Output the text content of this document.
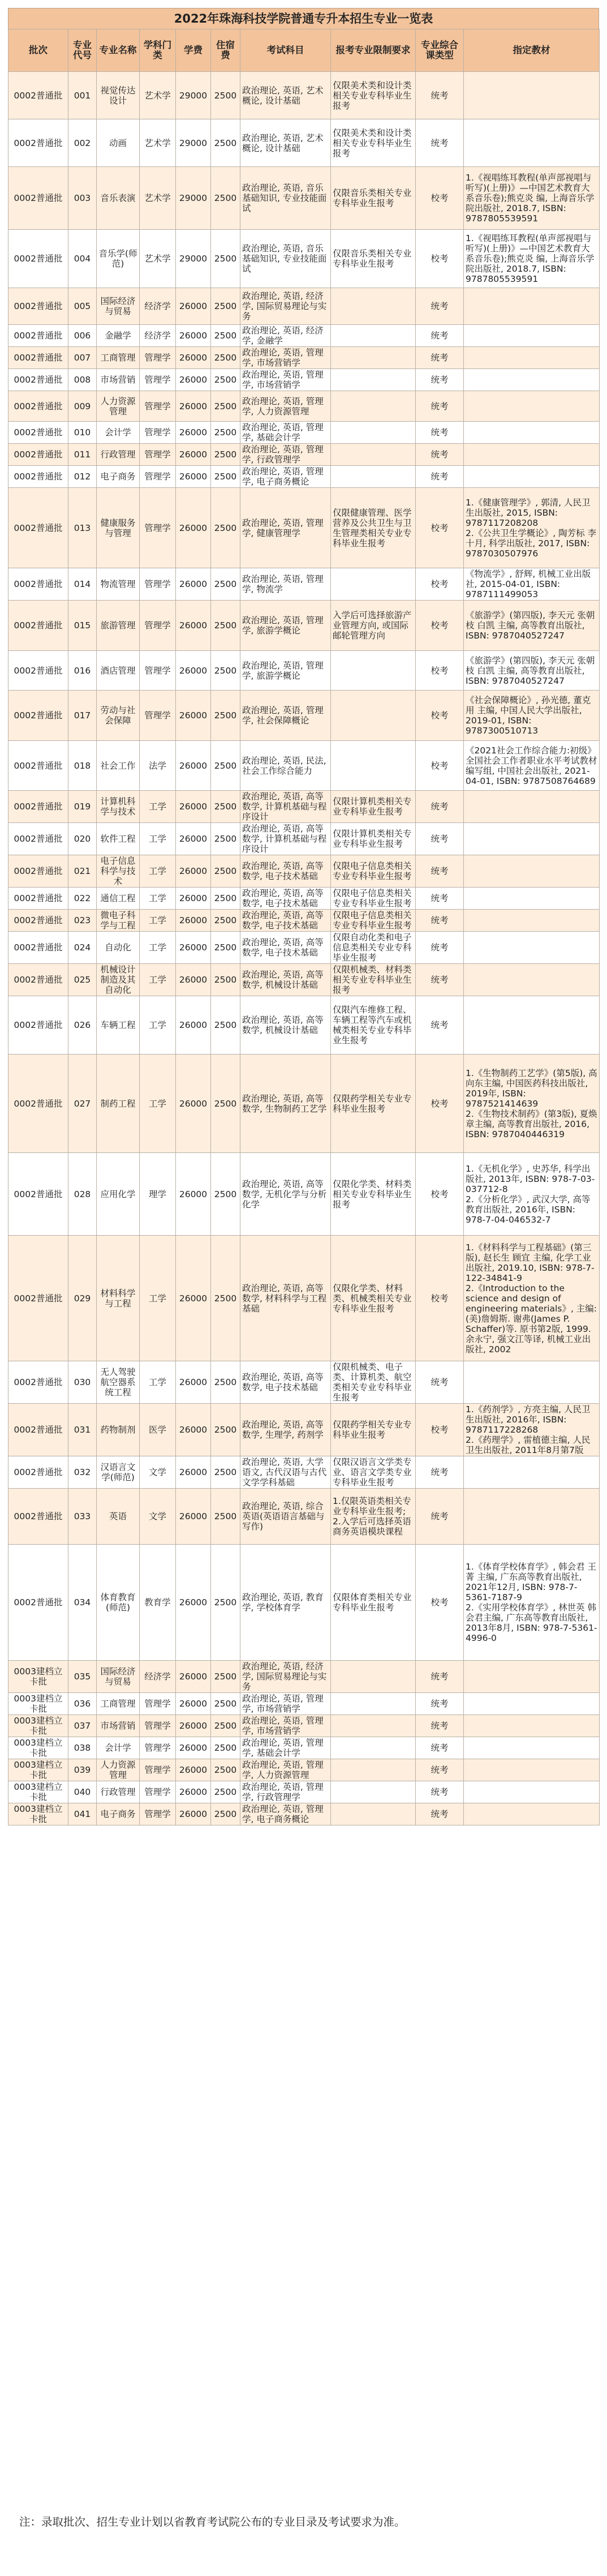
2022年珠海科技学院普通专升本招生专业一览表
批次	专业代号	专业名称	学科门类	学费	住宿费	考试科目	报考专业限制要求	专业综合课类型	指定教材
0002普通批	001	视觉传达设计	艺术学	29000	2500	政治理论, 英语, 艺术概论, 设计基础	仅限美术类和设计类相关专业专科毕业生报考	统考	
0002普通批	002	动画	艺术学	29000	2500	政治理论, 英语, 艺术概论, 设计基础	仅限美术类和设计类相关专业专科毕业生报考	统考	
0002普通批	003	音乐表演	艺术学	29000	2500	政治理论, 英语, 音乐基础知识, 专业技能面试	仅限音乐类相关专业专科毕业生报考	校考	1.《视唱练耳教程(单声部视唱与听写)(上册)》—中国艺术教育大系音乐卷);熊克炎 编, 上海音乐学院出版社, 2018.7, ISBN: 9787805539591
0002普通批	004	音乐学(师范)	艺术学	29000	2500	政治理论, 英语, 音乐基础知识, 专业技能面试	仅限音乐类相关专业专科毕业生报考	校考	1.《视唱练耳教程(单声部视唱与听写)(上册)》—中国艺术教育大系音乐卷);熊克炎 编, 上海音乐学院出版社, 2018.7, ISBN: 9787805539591
0002普通批	005	国际经济与贸易	经济学	26000	2500	政治理论, 英语, 经济学, 国际贸易理论与实务		统考	
0002普通批	006	金融学	经济学	26000	2500	政治理论, 英语, 经济学, 金融学		统考	
0002普通批	007	工商管理	管理学	26000	2500	政治理论, 英语, 管理学, 市场营销学		统考	
0002普通批	008	市场营销	管理学	26000	2500	政治理论, 英语, 管理学, 市场营销学		统考	
0002普通批	009	人力资源管理	管理学	26000	2500	政治理论, 英语, 管理学, 人力资源管理		统考	
0002普通批	010	会计学	管理学	26000	2500	政治理论, 英语, 管理学, 基础会计学		统考	
0002普通批	011	行政管理	管理学	26000	2500	政治理论, 英语, 管理学, 行政管理学		统考	
0002普通批	012	电子商务	管理学	26000	2500	政治理论, 英语, 管理学, 电子商务概论		统考	
0002普通批	013	健康服务与管理	管理学	26000	2500	政治理论, 英语, 管理学, 健康管理学	仅限健康管理、医学营养及公共卫生与卫生管理类相关专业专科毕业生报考	校考	1.《健康管理学》, 郭清, 人民卫生出版社, 2015, ISBN: 9787117208208
2.《公共卫生学概论》, 陶芳标 李十月, 科学出版社, 2017, ISBN: 9787030507976
0002普通批	014	物流管理	管理学	26000	2500	政治理论, 英语, 管理学, 物流学		校考	《物流学》, 舒辉, 机械工业出版社, 2015-04-01, ISBN: 9787111499053
0002普通批	015	旅游管理	管理学	26000	2500	政治理论, 英语, 管理学, 旅游学概论	入学后可选择旅游产业管理方向, 或国际邮轮管理方向	校考	《旅游学》(第四版), 李天元 张朝枝 白凯 主编, 高等教育出版社, ISBN: 9787040527247
0002普通批	016	酒店管理	管理学	26000	2500	政治理论, 英语, 管理学, 旅游学概论		校考	《旅游学》(第四版), 李天元 张朝枝 白凯 主编, 高等教育出版社, ISBN: 9787040527247
0002普通批	017	劳动与社会保障	管理学	26000	2500	政治理论, 英语, 管理学, 社会保障概论		校考	《社会保障概论》, 孙光德, 董克用 主编, 中国人民大学出版社, 2019-01, ISBN: 9787300510713
0002普通批	018	社会工作	法学	26000	2500	政治理论, 英语, 民法, 社会工作综合能力		校考	《2021社会工作综合能力:初级》全国社会工作者职业水平考试教材编写组, 中国社会出版社, 2021-04-01, ISBN: 9787508764689
0002普通批	019	计算机科学与技术	工学	26000	2500	政治理论, 英语, 高等数学, 计算机基础与程序设计	仅限计算机类相关专业专科毕业生报考	统考	
0002普通批	020	软件工程	工学	26000	2500	政治理论, 英语, 高等数学, 计算机基础与程序设计	仅限计算机类相关专业专科毕业生报考	统考	
0002普通批	021	电子信息科学与技术	工学	26000	2500	政治理论, 英语, 高等数学, 电子技术基础	仅限电子信息类相关专业专科毕业生报考	统考	
0002普通批	022	通信工程	工学	26000	2500	政治理论, 英语, 高等数学, 电子技术基础	仅限电子信息类相关专业专科毕业生报考	统考	
0002普通批	023	微电子科学与工程	工学	26000	2500	政治理论, 英语, 高等数学, 电子技术基础	仅限电子信息类相关专业专科毕业生报考	统考	
0002普通批	024	自动化	工学	26000	2500	政治理论, 英语, 高等数学, 电子技术基础	仅限自动化类和电子信息类相关专业专科毕业生报考	统考	
0002普通批	025	机械设计制造及其自动化	工学	26000	2500	政治理论, 英语, 高等数学, 机械设计基础	仅限机械类、材料类相关专业专科毕业生报考	统考	
0002普通批	026	车辆工程	工学	26000	2500	政治理论, 英语, 高等数学, 机械设计基础	仅限汽车维修工程、车辆工程等汽车或机械类相关专业专科毕业生报考	统考	
0002普通批	027	制药工程	工学	26000	2500	政治理论, 英语, 高等数学, 生物制药工艺学	仅限药学相关专业专科毕业生报考	校考	1.《生物制药工艺学》(第5版), 高向东主编, 中国医药科技出版社, 2019年, ISBN: 9787521414639
2.《生物技术制药》(第3版), 夏焕章主编, 高等教育出版社, 2016, ISBN: 9787040446319
0002普通批	028	应用化学	理学	26000	2500	政治理论, 英语, 高等数学, 无机化学与分析化学	仅限化学类、材料类相关专业专科毕业生报考	校考	1.《无机化学》, 史苏华, 科学出版社, 2013年, ISBN: 978-7-03-037712-8
2.《分析化学》, 武汉大学, 高等教育出版社, 2016年, ISBN: 978-7-04-046532-7
0002普通批	029	材料科学与工程	工学	26000	2500	政治理论, 英语, 高等数学, 材料科学与工程基础	仅限化学类、材料类、机械类相关专业专科毕业生报考	校考	1.《材料科学与工程基础》(第三版), 赵长生 顾宜 主编, 化学工业出版社, 2019.10, ISBN: 978-7-122-34841-9
2.《Introduction to the science and design of engineering materials》, 主编:(美)詹姆斯. 谢弗(James P. Schaffer)等. 原书第2版, 1999. 余永宁, 强文江等译, 机械工业出版社, 2002
0002普通批	030	无人驾驶航空器系统工程	工学	26000	2500	政治理论, 英语, 高等数学, 电子技术基础	仅限机械类、电子类、计算机类、航空类相关专业专科毕业生报考	统考	
0002普通批	031	药物制剂	医学	26000	2500	政治理论, 英语, 高等数学, 生理学, 药剂学	仅限药学相关专业专科毕业生报考	校考	1.《药剂学》, 方亮主编, 人民卫生出版社, 2016年, ISBN: 9787117228268
2.《药理学》, 雷植德主编, 人民卫生出版社, 2011年8月第7版
0002普通批	032	汉语言文学(师范)	文学	26000	2500	政治理论, 英语, 大学语文, 古代汉语与古代文学学科基础	仅限汉语言文学类专业、语言文学类专业专科毕业生报考	统考	
0002普通批	033	英语	文学	26000	2500	政治理论, 英语, 综合英语(英语语言基础与写作)	1.仅限英语类相关专业专科毕业生报考; 2.入学后可选择英语商务英语模块课程	统考	
0002普通批	034	体育教育(师范)	教育学	26000	2500	政治理论, 英语, 教育学, 学校体育学	仅限体育类相关专业专科毕业生报考	校考	1.《体育学校体育学》, 韩会君 王菁 主编, 广东高等教育出版社, 2021年12月, ISBN: 978-7-5361-7187-9
2.《实用学校体育学》, 林世英 韩会君主编, 广东高等教育出版社, 2013年8月, ISBN: 978-7-5361-4996-0
0003建档立卡批	035	国际经济与贸易	经济学	26000	2500	政治理论, 英语, 经济学, 国际贸易理论与实务		统考	
0003建档立卡批	036	工商管理	管理学	26000	2500	政治理论, 英语, 管理学, 市场营销学		统考	
0003建档立卡批	037	市场营销	管理学	26000	2500	政治理论, 英语, 管理学, 市场营销学		统考	
0003建档立卡批	038	会计学	管理学	26000	2500	政治理论, 英语, 管理学, 基础会计学		统考	
0003建档立卡批	039	人力资源管理	管理学	26000	2500	政治理论, 英语, 管理学, 人力资源管理		统考	
0003建档立卡批	040	行政管理	管理学	26000	2500	政治理论, 英语, 管理学, 行政管理学		统考	
0003建档立卡批	041	电子商务	管理学	26000	2500	政治理论, 英语, 管理学, 电子商务概论		统考	
注：录取批次、招生专业计划以省教育考试院公布的专业目录及考试要求为准。
